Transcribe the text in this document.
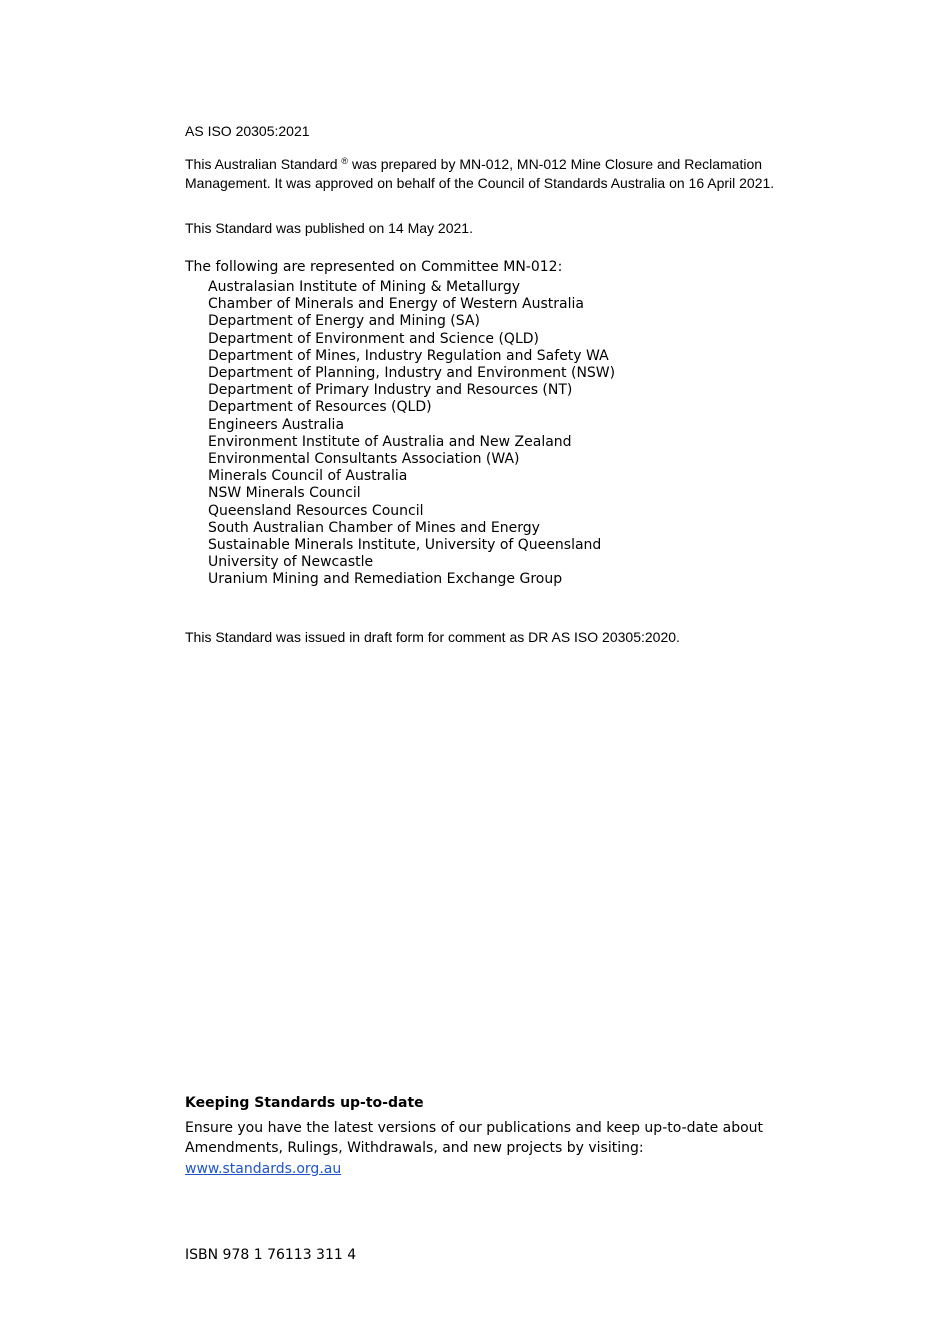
AS ISO 20305:2021
This Australian Standard ® was prepared by MN-012, MN-012 Mine Closure and Reclamation Management. It was approved on behalf of the Council of Standards Australia on 16 April 2021.
This Standard was published on 14 May 2021.
The following are represented on Committee MN-012:
Australasian Institute of Mining & Metallurgy
Chamber of Minerals and Energy of Western Australia
Department of Energy and Mining (SA)
Department of Environment and Science (QLD)
Department of Mines, Industry Regulation and Safety WA
Department of Planning, Industry and Environment (NSW)
Department of Primary Industry and Resources (NT)
Department of Resources (QLD)
Engineers Australia
Environment Institute of Australia and New Zealand
Environmental Consultants Association (WA)
Minerals Council of Australia
NSW Minerals Council
Queensland Resources Council
South Australian Chamber of Mines and Energy
Sustainable Minerals Institute, University of Queensland
University of Newcastle
Uranium Mining and Remediation Exchange Group
This Standard was issued in draft form for comment as DR AS ISO 20305:2020.
Keeping Standards up-to-date

Ensure you have the latest versions of our publications and keep up-to-date about Amendments, Rulings, Withdrawals, and new projects by visiting:

www.standards.org.au
ISBN 978 1 76113 311 4
